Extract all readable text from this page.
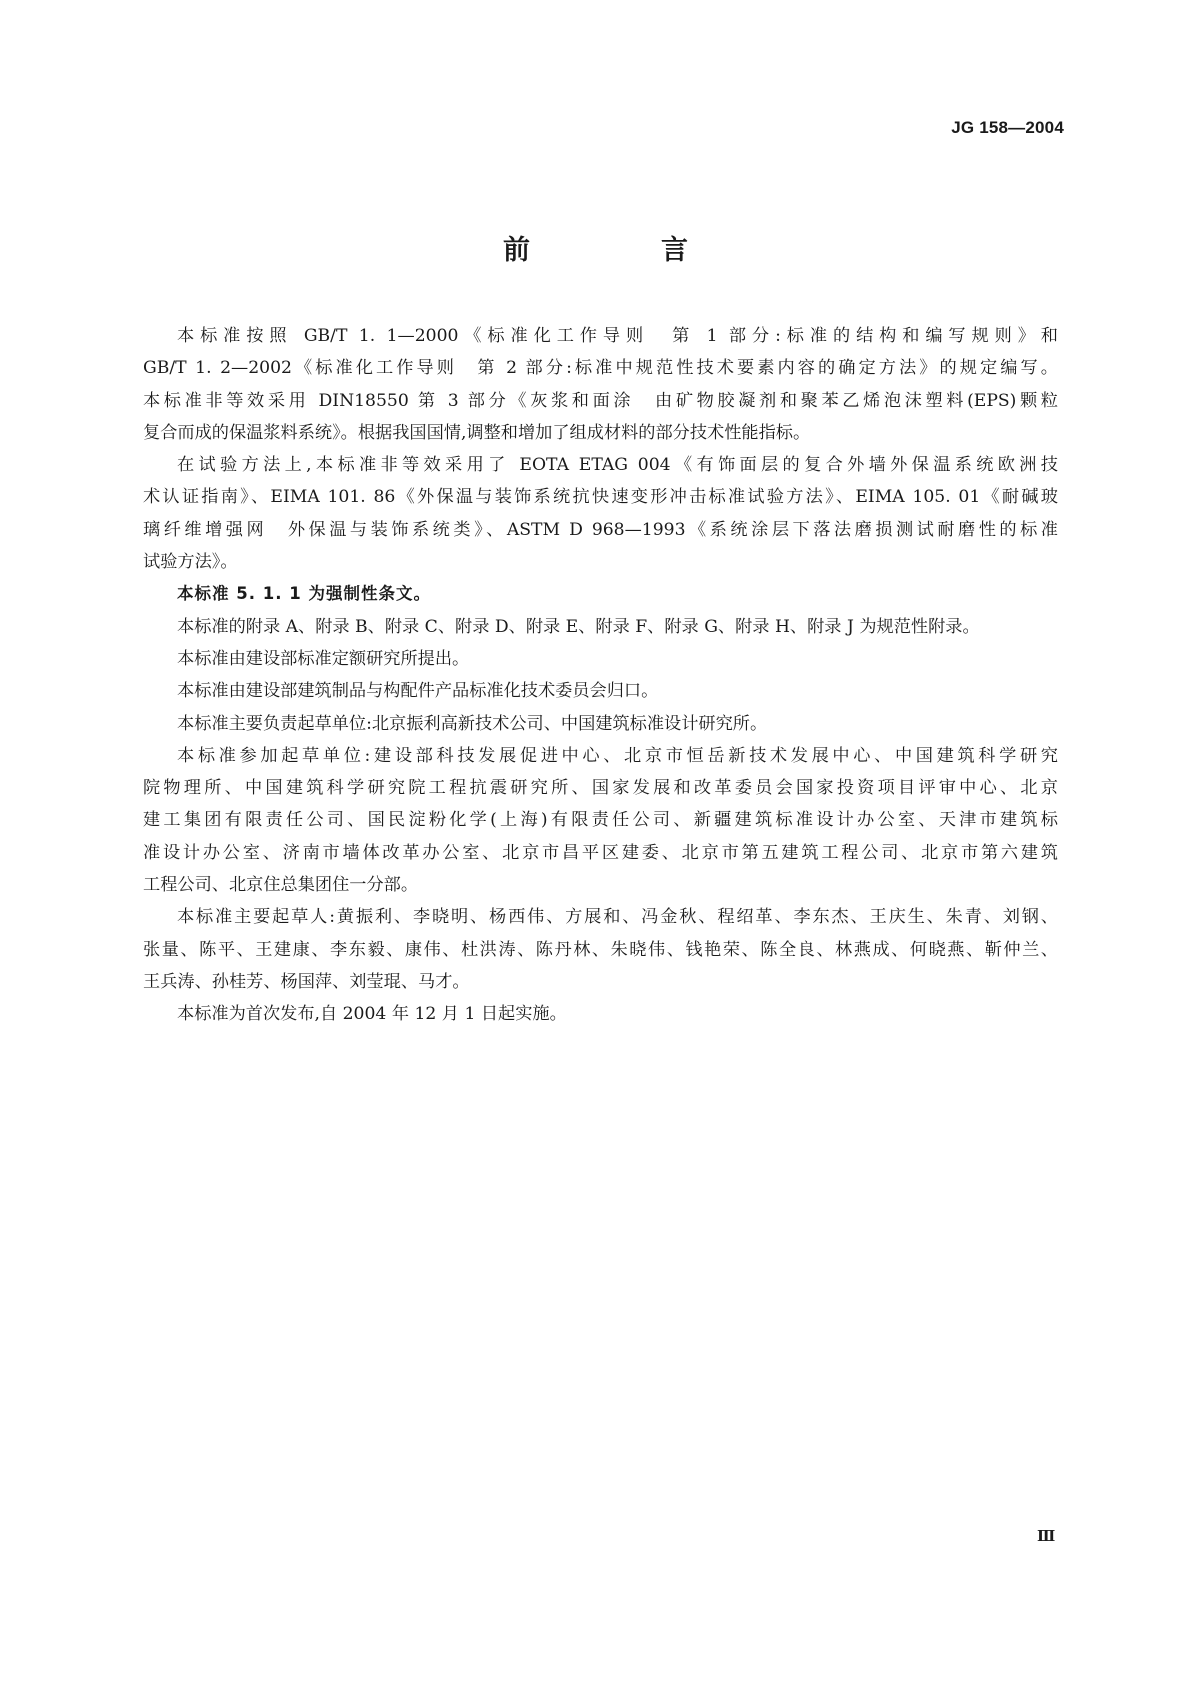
JG 158—2004
前　言
本标准按照 GB/T 1. 1—2000《标准化工作导则　第 1 部分:标准的结构和编写规则》和
GB/T 1. 2—2002《标准化工作导则　第 2 部分:标准中规范性技术要素内容的确定方法》的规定编写。
本标准非等效采用 DIN18550 第 3 部分《灰浆和面涂　由矿物胶凝剂和聚苯乙烯泡沫塑料(EPS)颗粒
复合而成的保温浆料系统》。根据我国国情,调整和增加了组成材料的部分技术性能指标。
在试验方法上,本标准非等效采用了 EOTA ETAG 004《有饰面层的复合外墙外保温系统欧洲技
术认证指南》、EIMA 101. 86《外保温与装饰系统抗快速变形冲击标准试验方法》、EIMA 105. 01《耐碱玻
璃纤维增强网　外保温与装饰系统类》、ASTM D 968—1993《系统涂层下落法磨损测试耐磨性的标准
试验方法》。
本标准 5. 1. 1 为强制性条文。
本标准的附录 A、附录 B、附录 C、附录 D、附录 E、附录 F、附录 G、附录 H、附录 J 为规范性附录。
本标准由建设部标准定额研究所提出。
本标准由建设部建筑制品与构配件产品标准化技术委员会归口。
本标准主要负责起草单位:北京振利高新技术公司、中国建筑标准设计研究所。
本标准参加起草单位:建设部科技发展促进中心、北京市恒岳新技术发展中心、中国建筑科学研究
院物理所、中国建筑科学研究院工程抗震研究所、国家发展和改革委员会国家投资项目评审中心、北京
建工集团有限责任公司、国民淀粉化学(上海)有限责任公司、新疆建筑标准设计办公室、天津市建筑标
准设计办公室、济南市墙体改革办公室、北京市昌平区建委、北京市第五建筑工程公司、北京市第六建筑
工程公司、北京住总集团住一分部。
本标准主要起草人:黄振利、李晓明、杨西伟、方展和、冯金秋、程绍革、李东杰、王庆生、朱青、刘钢、
张量、陈平、王建康、李东毅、康伟、杜洪涛、陈丹林、朱晓伟、钱艳荣、陈全良、林燕成、何晓燕、靳仲兰、
王兵涛、孙桂芳、杨国萍、刘莹琨、马才。
本标准为首次发布,自 2004 年 12 月 1 日起实施。
Ⅲ
